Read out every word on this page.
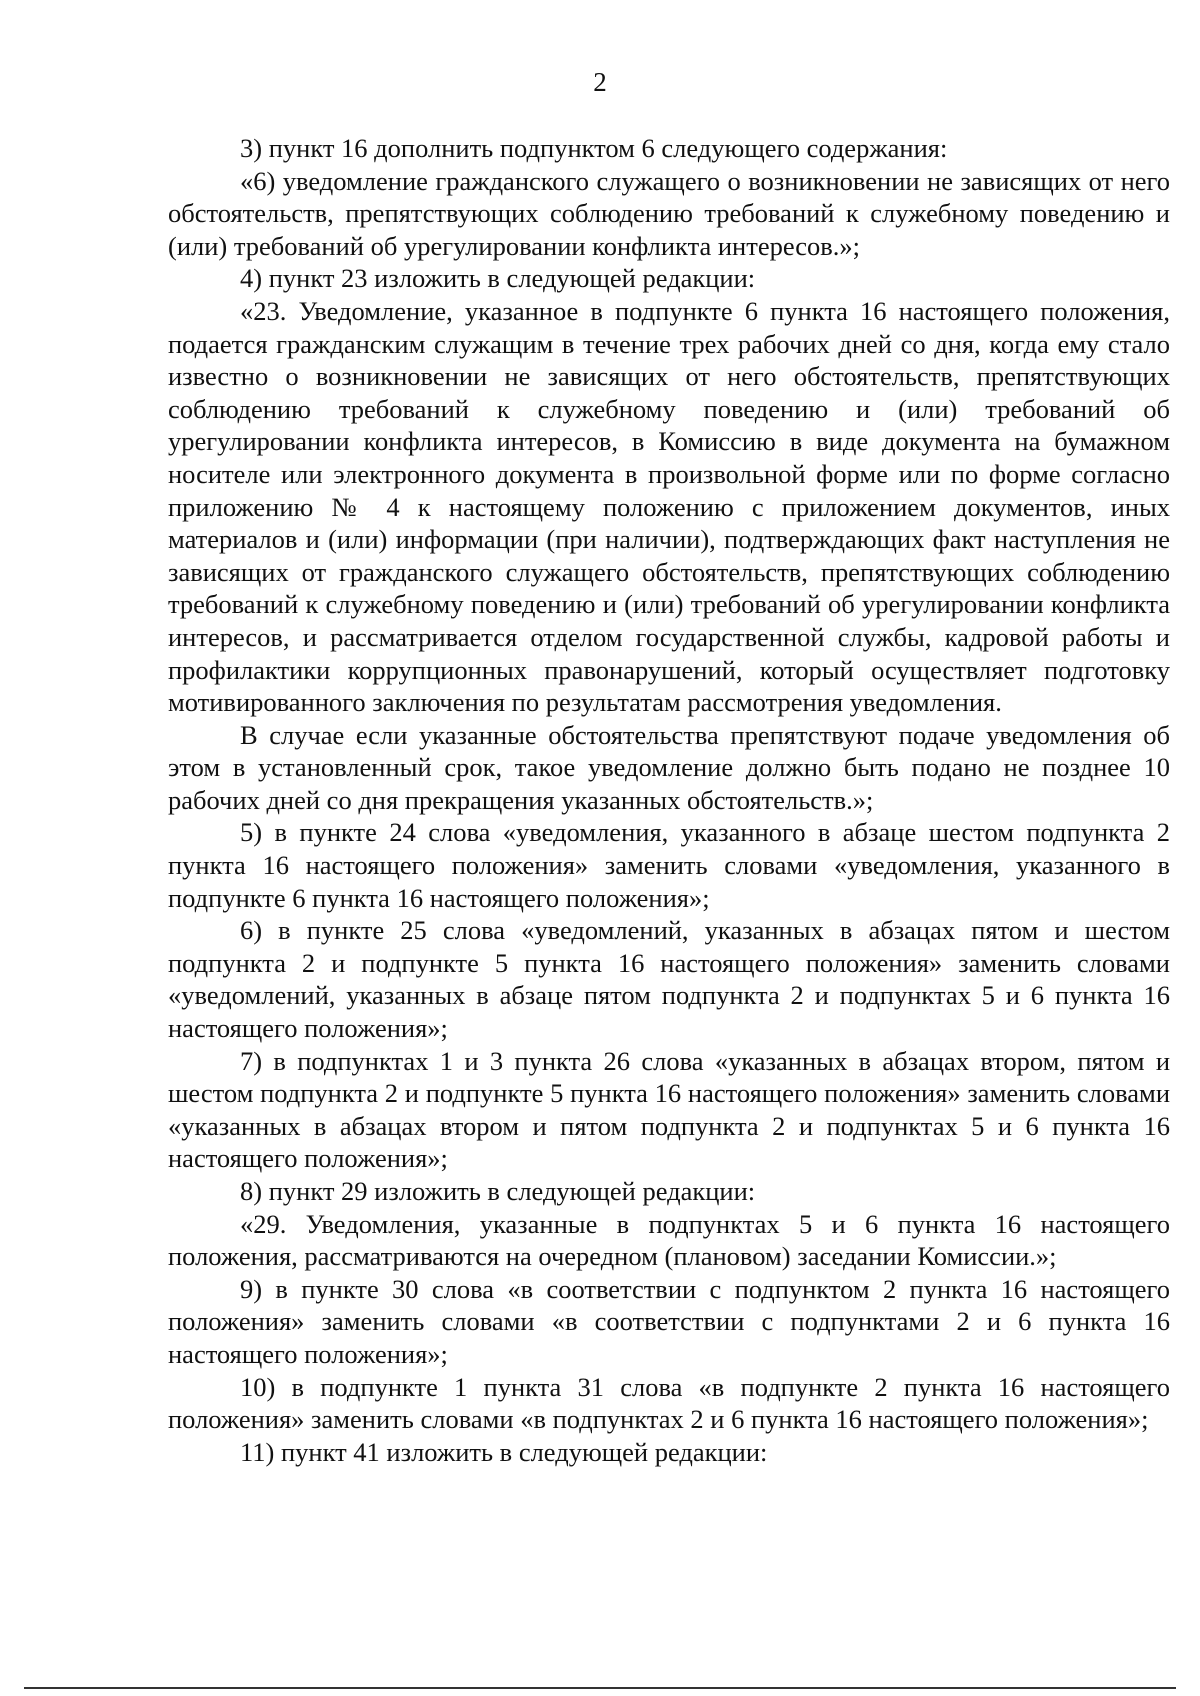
2

3) пункт 16 дополнить подпунктом 6 следующего содержания:

«6) уведомление гражданского служащего о возникновении не зависящих от него обстоятельств, препятствующих соблюдению требований к служебному поведению и (или) требований об урегулировании конфликта интересов.»;

4) пункт 23 изложить в следующей редакции:

«23. Уведомление, указанное в подпункте 6 пункта 16 настоящего положения, подается гражданским служащим в течение трех рабочих дней со дня, когда ему стало известно о возникновении не зависящих от него обстоятельств, препятствующих соблюдению требований к служебному поведению и (или) требований об урегулировании конфликта интересов, в Комиссию в виде документа на бумажном носителе или электронного документа в произвольной форме или по форме согласно приложению № 4 к настоящему положению с приложением документов, иных материалов и (или) информации (при наличии), подтверждающих факт наступления не зависящих от гражданского служащего обстоятельств, препятствующих соблюдению требований к служебному поведению и (или) требований об урегулировании конфликта интересов, и рассматривается отделом государственной службы, кадровой работы и профилактики коррупционных правонарушений, который осуществляет подготовку мотивированного заключения по результатам рассмотрения уведомления.

В случае если указанные обстоятельства препятствуют подаче уведомления об этом в установленный срок, такое уведомление должно быть подано не позднее 10 рабочих дней со дня прекращения указанных обстоятельств.»;

5) в пункте 24 слова «уведомления, указанного в абзаце шестом подпункта 2 пункта 16 настоящего положения» заменить словами «уведомления, указанного в подпункте 6 пункта 16 настоящего положения»;

6) в пункте 25 слова «уведомлений, указанных в абзацах пятом и шестом подпункта 2 и подпункте 5 пункта 16 настоящего положения» заменить словами «уведомлений, указанных в абзаце пятом подпункта 2 и подпунктах 5 и 6 пункта 16 настоящего положения»;

7) в подпунктах 1 и 3 пункта 26 слова «указанных в абзацах втором, пятом и шестом подпункта 2 и подпункте 5 пункта 16 настоящего положения» заменить словами «указанных в абзацах втором и пятом подпункта 2 и подпунктах 5 и 6 пункта 16 настоящего положения»;

8) пункт 29 изложить в следующей редакции:

«29. Уведомления, указанные в подпунктах 5 и 6 пункта 16 настоящего положения, рассматриваются на очередном (плановом) заседании Комиссии.»;

9) в пункте 30 слова «в соответствии с подпунктом 2 пункта 16 настоящего положения» заменить словами «в соответствии с подпунктами 2 и 6 пункта 16 настоящего положения»;

10) в подпункте 1 пункта 31 слова «в подпункте 2 пункта 16 настоящего положения» заменить словами «в подпунктах 2 и 6 пункта 16 настоящего положения»;

11) пункт 41 изложить в следующей редакции:
